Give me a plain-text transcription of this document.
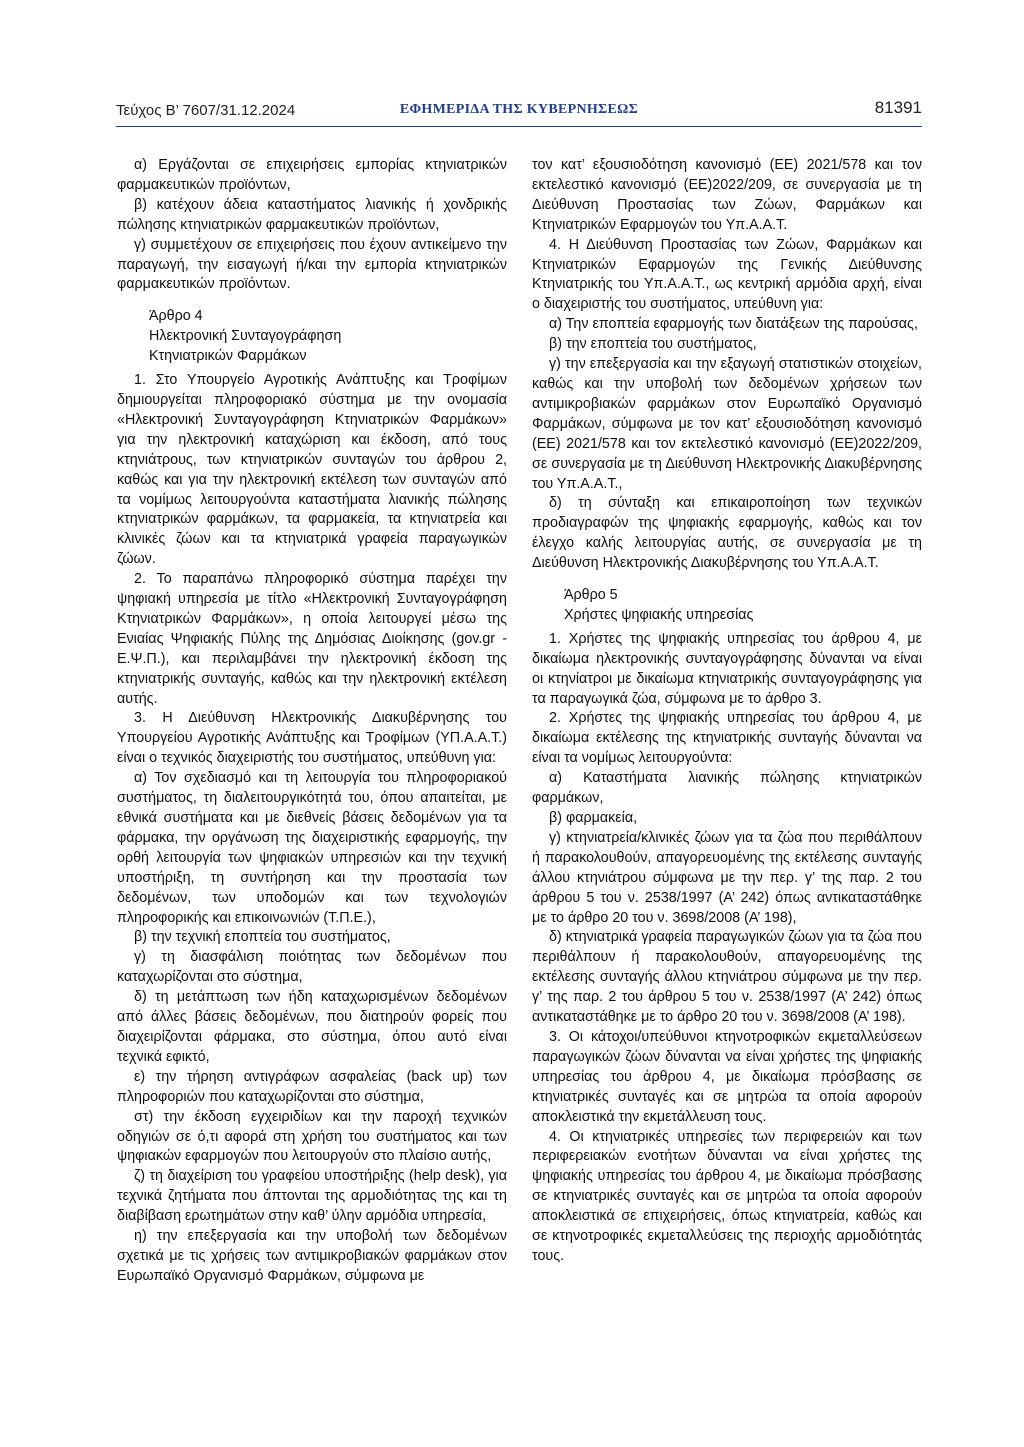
Τεύχος Β’ 7607/31.12.2024	ΕΦΗΜΕΡΙΔΑ ΤΗΣ ΚΥΒΕΡΝΗΣΕΩΣ	81391

α) Εργάζονται σε επιχειρήσεις εμπορίας κτηνιατρικών φαρμακευτικών προϊόντων,

β) κατέχουν άδεια καταστήματος λιανικής ή χονδρικής πώλησης κτηνιατρικών φαρμακευτικών προϊόντων,

γ) συμμετέχουν σε επιχειρήσεις που έχουν αντικείμενο την παραγωγή, την εισαγωγή ή/και την εμπορία κτηνιατρικών φαρμακευτικών προϊόντων.

Άρθρο 4

Ηλεκτρονική Συνταγογράφηση

Κτηνιατρικών Φαρμάκων

1. Στο Υπουργείο Αγροτικής Ανάπτυξης και Τροφίμων δημιουργείται πληροφοριακό σύστημα με την ονομασία «Ηλεκτρονική Συνταγογράφηση Κτηνιατρικών Φαρμάκων» για την ηλεκτρονική καταχώριση και έκδοση, από τους κτηνιάτρους, των κτηνιατρικών συνταγών του άρθρου 2, καθώς και για την ηλεκτρονική εκτέλεση των συνταγών από τα νομίμως λειτουργούντα καταστήματα λιανικής πώλησης κτηνιατρικών φαρμάκων, τα φαρμακεία, τα κτηνιατρεία και κλινικές ζώων και τα κτηνιατρικά γραφεία παραγωγικών ζώων.

2. Το παραπάνω πληροφορικό σύστημα παρέχει την ψηφιακή υπηρεσία με τίτλο «Ηλεκτρονική Συνταγογράφηση Κτηνιατρικών Φαρμάκων», η οποία λειτουργεί μέσω της Ενιαίας Ψηφιακής Πύλης της Δημόσιας Διοίκησης (gov.gr - Ε.Ψ.Π.), και περιλαμβάνει την ηλεκτρονική έκδοση της κτηνιατρικής συνταγής, καθώς και την ηλεκτρονική εκτέλεση αυτής.

3. Η Διεύθυνση Ηλεκτρονικής Διακυβέρνησης του Υπουργείου Αγροτικής Ανάπτυξης και Τροφίμων (ΥΠ.Α.Α.Τ.) είναι ο τεχνικός διαχειριστής του συστήματος, υπεύθυνη για:

α) Τον σχεδιασμό και τη λειτουργία του πληροφοριακού συστήματος, τη διαλειτουργικότητά του, όπου απαιτείται, με εθνικά συστήματα και με διεθνείς βάσεις δεδομένων για τα φάρμακα, την οργάνωση της διαχειριστικής εφαρμογής, την ορθή λειτουργία των ψηφιακών υπηρεσιών και την τεχνική υποστήριξη, τη συντήρηση και την προστασία των δεδομένων, των υποδομών και των τεχνολογιών πληροφορικής και επικοινωνιών (Τ.Π.Ε.),

β) την τεχνική εποπτεία του συστήματος,

γ) τη διασφάλιση ποιότητας των δεδομένων που καταχωρίζονται στο σύστημα,

δ) τη μετάπτωση των ήδη καταχωρισμένων δεδομένων από άλλες βάσεις δεδομένων, που διατηρούν φορείς που διαχειρίζονται φάρμακα, στο σύστημα, όπου αυτό είναι τεχνικά εφικτό,

ε) την τήρηση αντιγράφων ασφαλείας (back up) των πληροφοριών που καταχωρίζονται στο σύστημα,

στ) την έκδοση εγχειριδίων και την παροχή τεχνικών οδηγιών σε ό,τι αφορά στη χρήση του συστήματος και των ψηφιακών εφαρμογών που λειτουργούν στο πλαίσιο αυτής,

ζ) τη διαχείριση του γραφείου υποστήριξης (help desk), για τεχνικά ζητήματα που άπτονται της αρμοδιότητας της και τη διαβίβαση ερωτημάτων στην καθ’ ύλην αρμόδια υπηρεσία,

η) την επεξεργασία και την υποβολή των δεδομένων σχετικά με τις χρήσεις των αντιμικροβιακών φαρμάκων στον Ευρωπαϊκό Οργανισμό Φαρμάκων, σύμφωνα με

τον κατ’ εξουσιοδότηση κανονισμό (ΕΕ) 2021/578 και τον εκτελεστικό κανονισμό (ΕΕ)2022/209, σε συνεργασία με τη Διεύθυνση Προστασίας των Ζώων, Φαρμάκων και Κτηνιατρικών Εφαρμογών του Υπ.Α.Α.Τ.

4. Η Διεύθυνση Προστασίας των Ζώων, Φαρμάκων και Κτηνιατρικών Εφαρμογών της Γενικής Διεύθυνσης Κτηνιατρικής του Υπ.Α.Α.Τ., ως κεντρική αρμόδια αρχή, είναι ο διαχειριστής του συστήματος, υπεύθυνη για:

α) Την εποπτεία εφαρμογής των διατάξεων της παρούσας,

β) την εποπτεία του συστήματος,

γ) την επεξεργασία και την εξαγωγή στατιστικών στοιχείων, καθώς και την υποβολή των δεδομένων χρήσεων των αντιμικροβιακών φαρμάκων στον Ευρωπαϊκό Οργανισμό Φαρμάκων, σύμφωνα με τον κατ’ εξουσιοδότηση κανονισμό (ΕΕ) 2021/578 και τον εκτελεστικό κανονισμό (ΕΕ)2022/209, σε συνεργασία με τη Διεύθυνση Ηλεκτρονικής Διακυβέρνησης του Υπ.Α.Α.Τ.,

δ) τη σύνταξη και επικαιροποίηση των τεχνικών προδιαγραφών της ψηφιακής εφαρμογής, καθώς και τον έλεγχο καλής λειτουργίας αυτής, σε συνεργασία με τη Διεύθυνση Ηλεκτρονικής Διακυβέρνησης του Υπ.Α.Α.Τ.

Άρθρο 5

Χρήστες ψηφιακής υπηρεσίας

1. Χρήστες της ψηφιακής υπηρεσίας του άρθρου 4, με δικαίωμα ηλεκτρονικής συνταγογράφησης δύνανται να είναι οι κτηνίατροι με δικαίωμα κτηνιατρικής συνταγογράφησης για τα παραγωγικά ζώα, σύμφωνα με το άρθρο 3.

2. Χρήστες της ψηφιακής υπηρεσίας του άρθρου 4, με δικαίωμα εκτέλεσης της κτηνιατρικής συνταγής δύνανται να είναι τα νομίμως λειτουργούντα:

α) Καταστήματα λιανικής πώλησης κτηνιατρικών φαρμάκων,

β) φαρμακεία,

γ) κτηνιατρεία/κλινικές ζώων για τα ζώα που περιθάλπουν ή παρακολουθούν, απαγορευομένης της εκτέλεσης συνταγής άλλου κτηνιάτρου σύμφωνα με την περ. γ’ της παρ. 2 του άρθρου 5 του ν. 2538/1997 (Α’ 242) όπως αντικαταστάθηκε με το άρθρο 20 του ν. 3698/2008 (Α’ 198),

δ) κτηνιατρικά γραφεία παραγωγικών ζώων για τα ζώα που περιθάλπουν ή παρακολουθούν, απαγορευομένης της εκτέλεσης συνταγής άλλου κτηνιάτρου σύμφωνα με την περ. γ’ της παρ. 2 του άρθρου 5 του ν. 2538/1997 (Α’ 242) όπως αντικαταστάθηκε με το άρθρο 20 του ν. 3698/2008 (Α’ 198).

3. Οι κάτοχοι/υπεύθυνοι κτηνοτροφικών εκμεταλλεύσεων παραγωγικών ζώων δύνανται να είναι χρήστες της ψηφιακής υπηρεσίας του άρθρου 4, με δικαίωμα πρόσβασης σε κτηνιατρικές συνταγές και σε μητρώα τα οποία αφορούν αποκλειστικά την εκμετάλλευση τους.

4. Οι κτηνιατρικές υπηρεσίες των περιφερειών και των περιφερειακών ενοτήτων δύνανται να είναι χρήστες της ψηφιακής υπηρεσίας του άρθρου 4, με δικαίωμα πρόσβασης σε κτηνιατρικές συνταγές και σε μητρώα τα οποία αφορούν αποκλειστικά σε επιχειρήσεις, όπως κτηνιατρεία, καθώς και σε κτηνοτροφικές εκμεταλλεύσεις της περιοχής αρμοδιότητάς τους.
